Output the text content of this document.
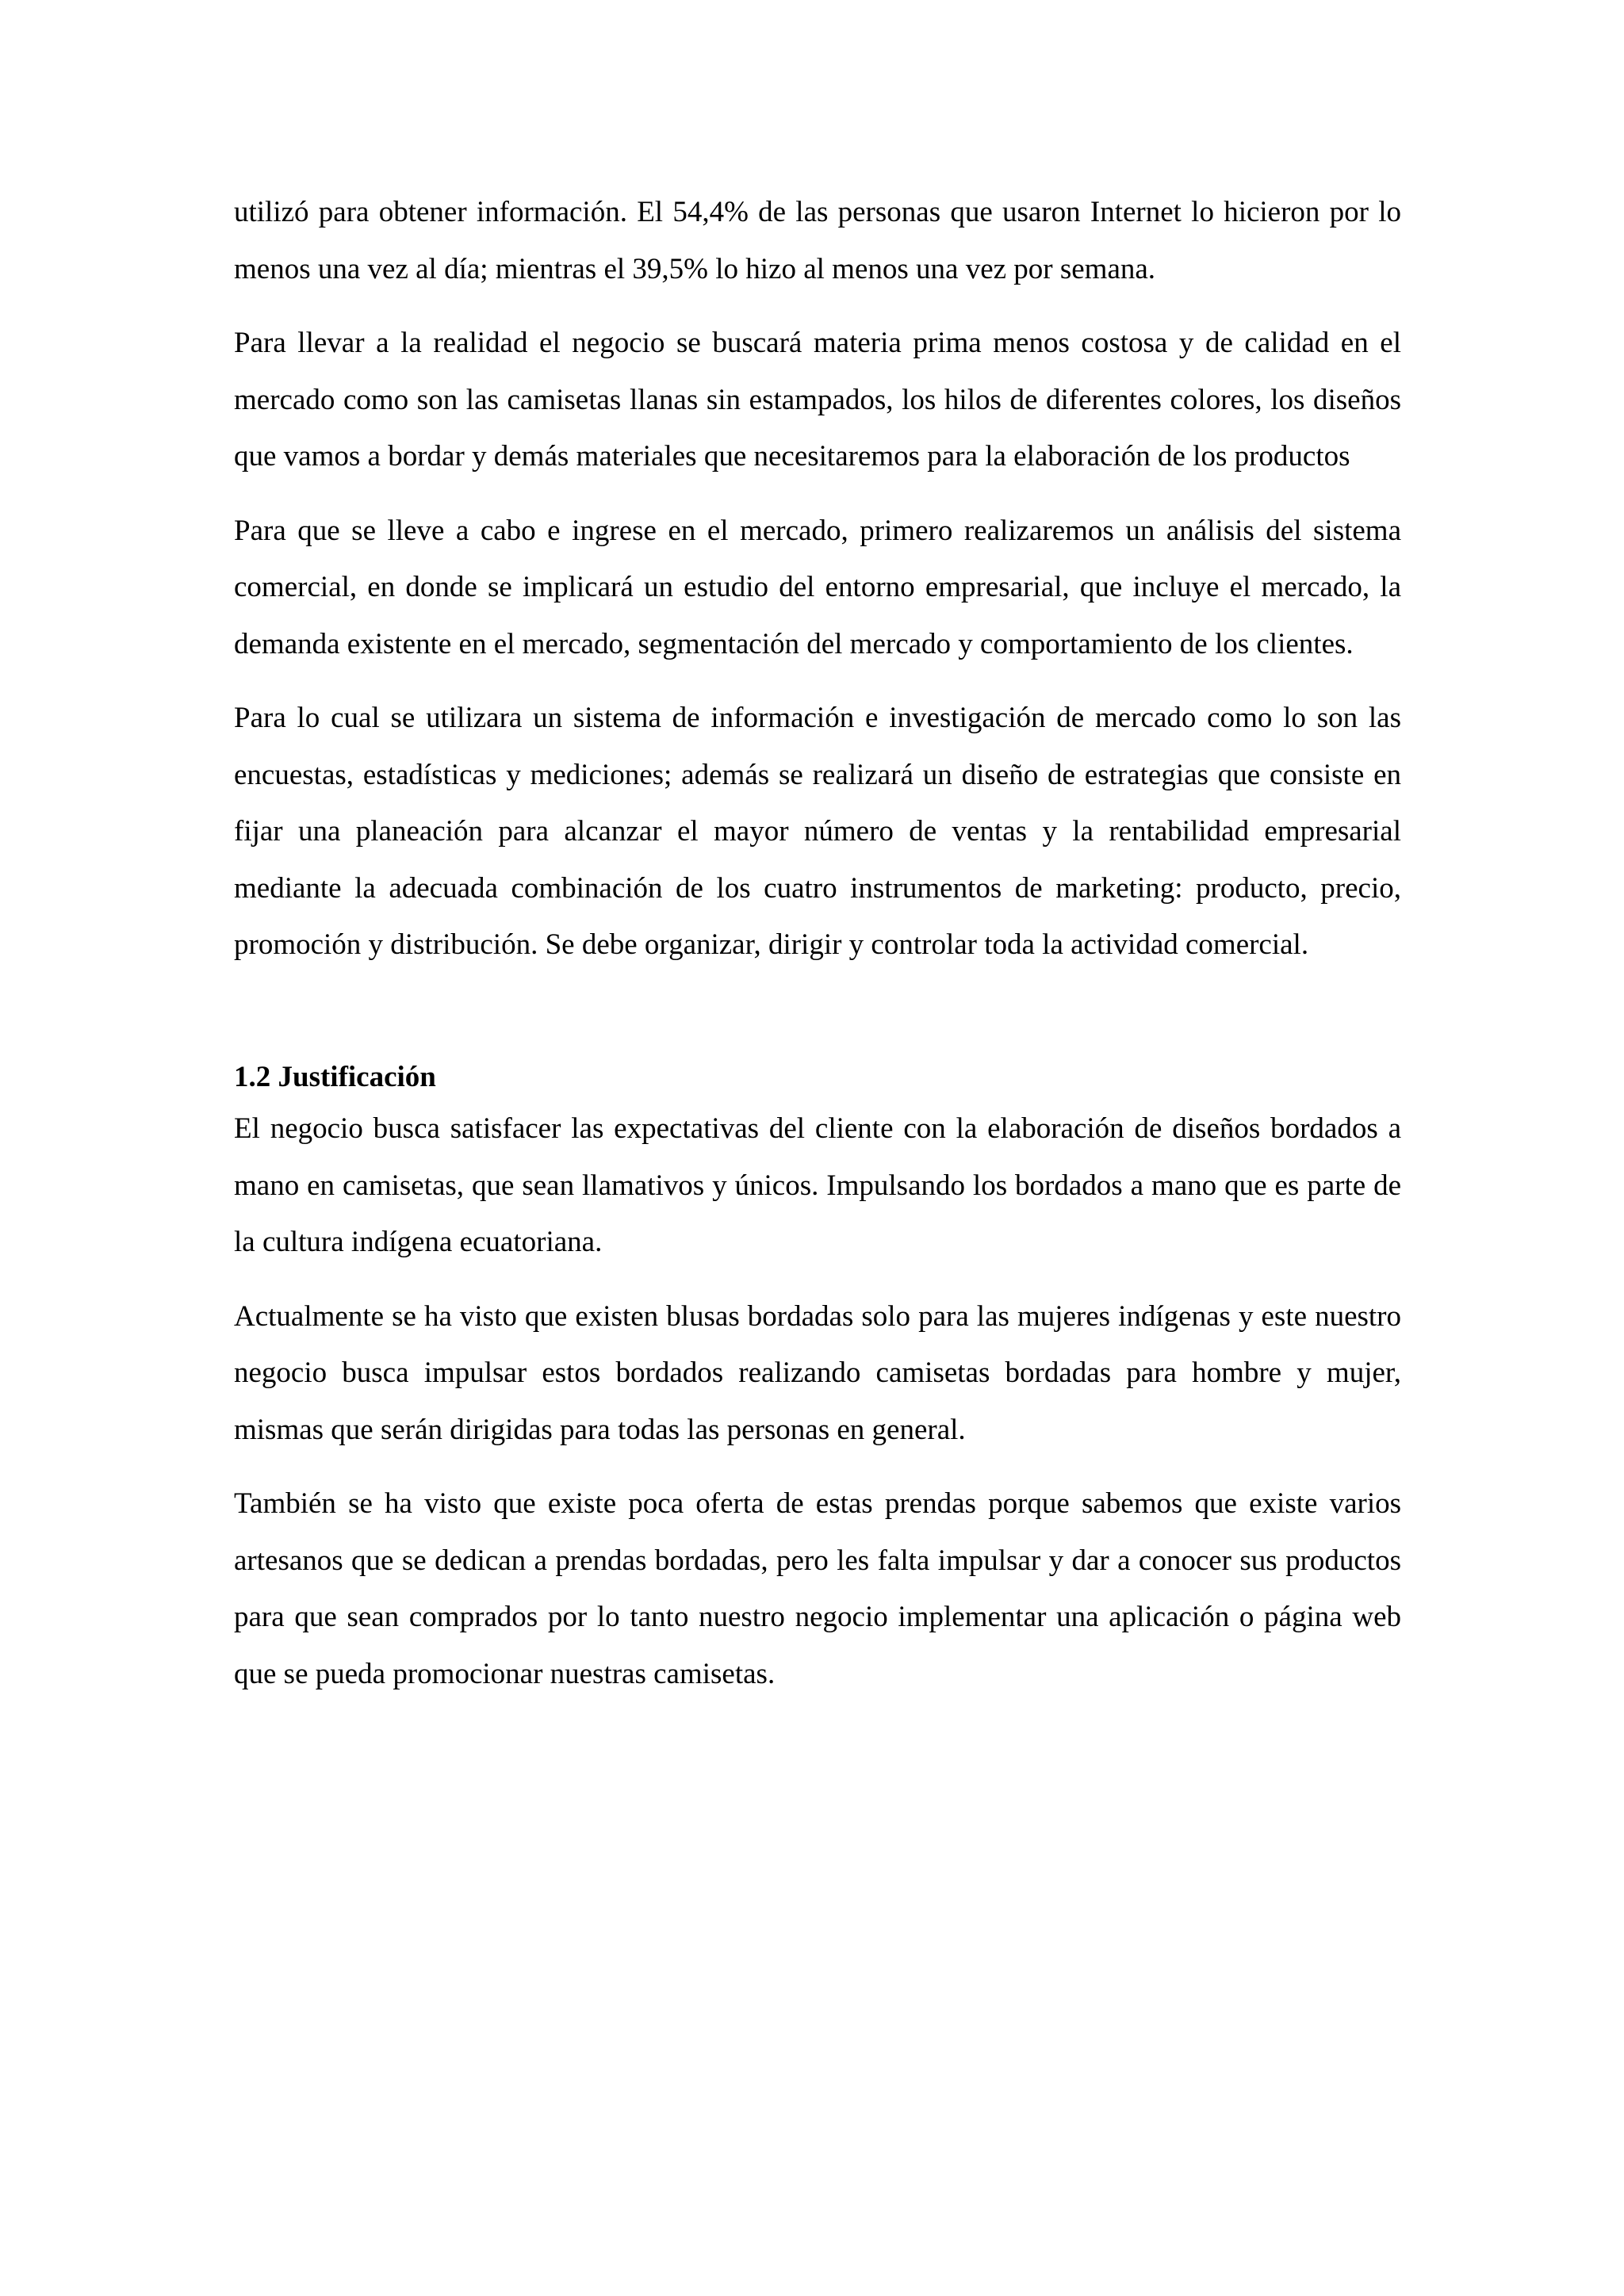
utilizó para obtener información. El 54,4% de las personas que usaron Internet lo hicieron por lo menos una vez al día; mientras el 39,5% lo hizo al menos una vez por semana.

Para llevar a la realidad el negocio se buscará materia prima menos costosa y de calidad en el mercado como son las camisetas llanas sin estampados, los hilos de diferentes colores, los diseños que vamos a bordar y demás materiales que necesitaremos para la elaboración de los productos

Para que se lleve a cabo e ingrese en el mercado, primero realizaremos un análisis del sistema comercial, en donde se implicará un estudio del entorno empresarial, que incluye el mercado, la demanda existente en el mercado, segmentación del mercado y comportamiento de los clientes.

Para lo cual se utilizara un sistema de información e investigación de mercado como lo son las encuestas, estadísticas y mediciones; además se realizará un diseño de estrategias que consiste en fijar una planeación para alcanzar el mayor número de ventas y la rentabilidad empresarial mediante la adecuada combinación de los cuatro instrumentos de marketing: producto, precio, promoción y distribución. Se debe organizar, dirigir y controlar toda la actividad comercial.

1.2 Justificación

El negocio busca satisfacer las expectativas del cliente con la elaboración de diseños bordados a mano en camisetas, que sean llamativos y únicos. Impulsando los bordados a mano que es parte de la cultura indígena ecuatoriana.

Actualmente se ha visto que existen blusas bordadas solo para las mujeres indígenas y este nuestro negocio busca impulsar estos bordados realizando camisetas bordadas para hombre y mujer, mismas que serán dirigidas para todas las personas en general.

También se ha visto que existe poca oferta de estas prendas porque sabemos que existe varios artesanos que se dedican a prendas bordadas, pero les falta impulsar y dar a conocer sus productos para que sean comprados por lo tanto nuestro negocio implementar una aplicación o página web que se pueda promocionar nuestras camisetas.
